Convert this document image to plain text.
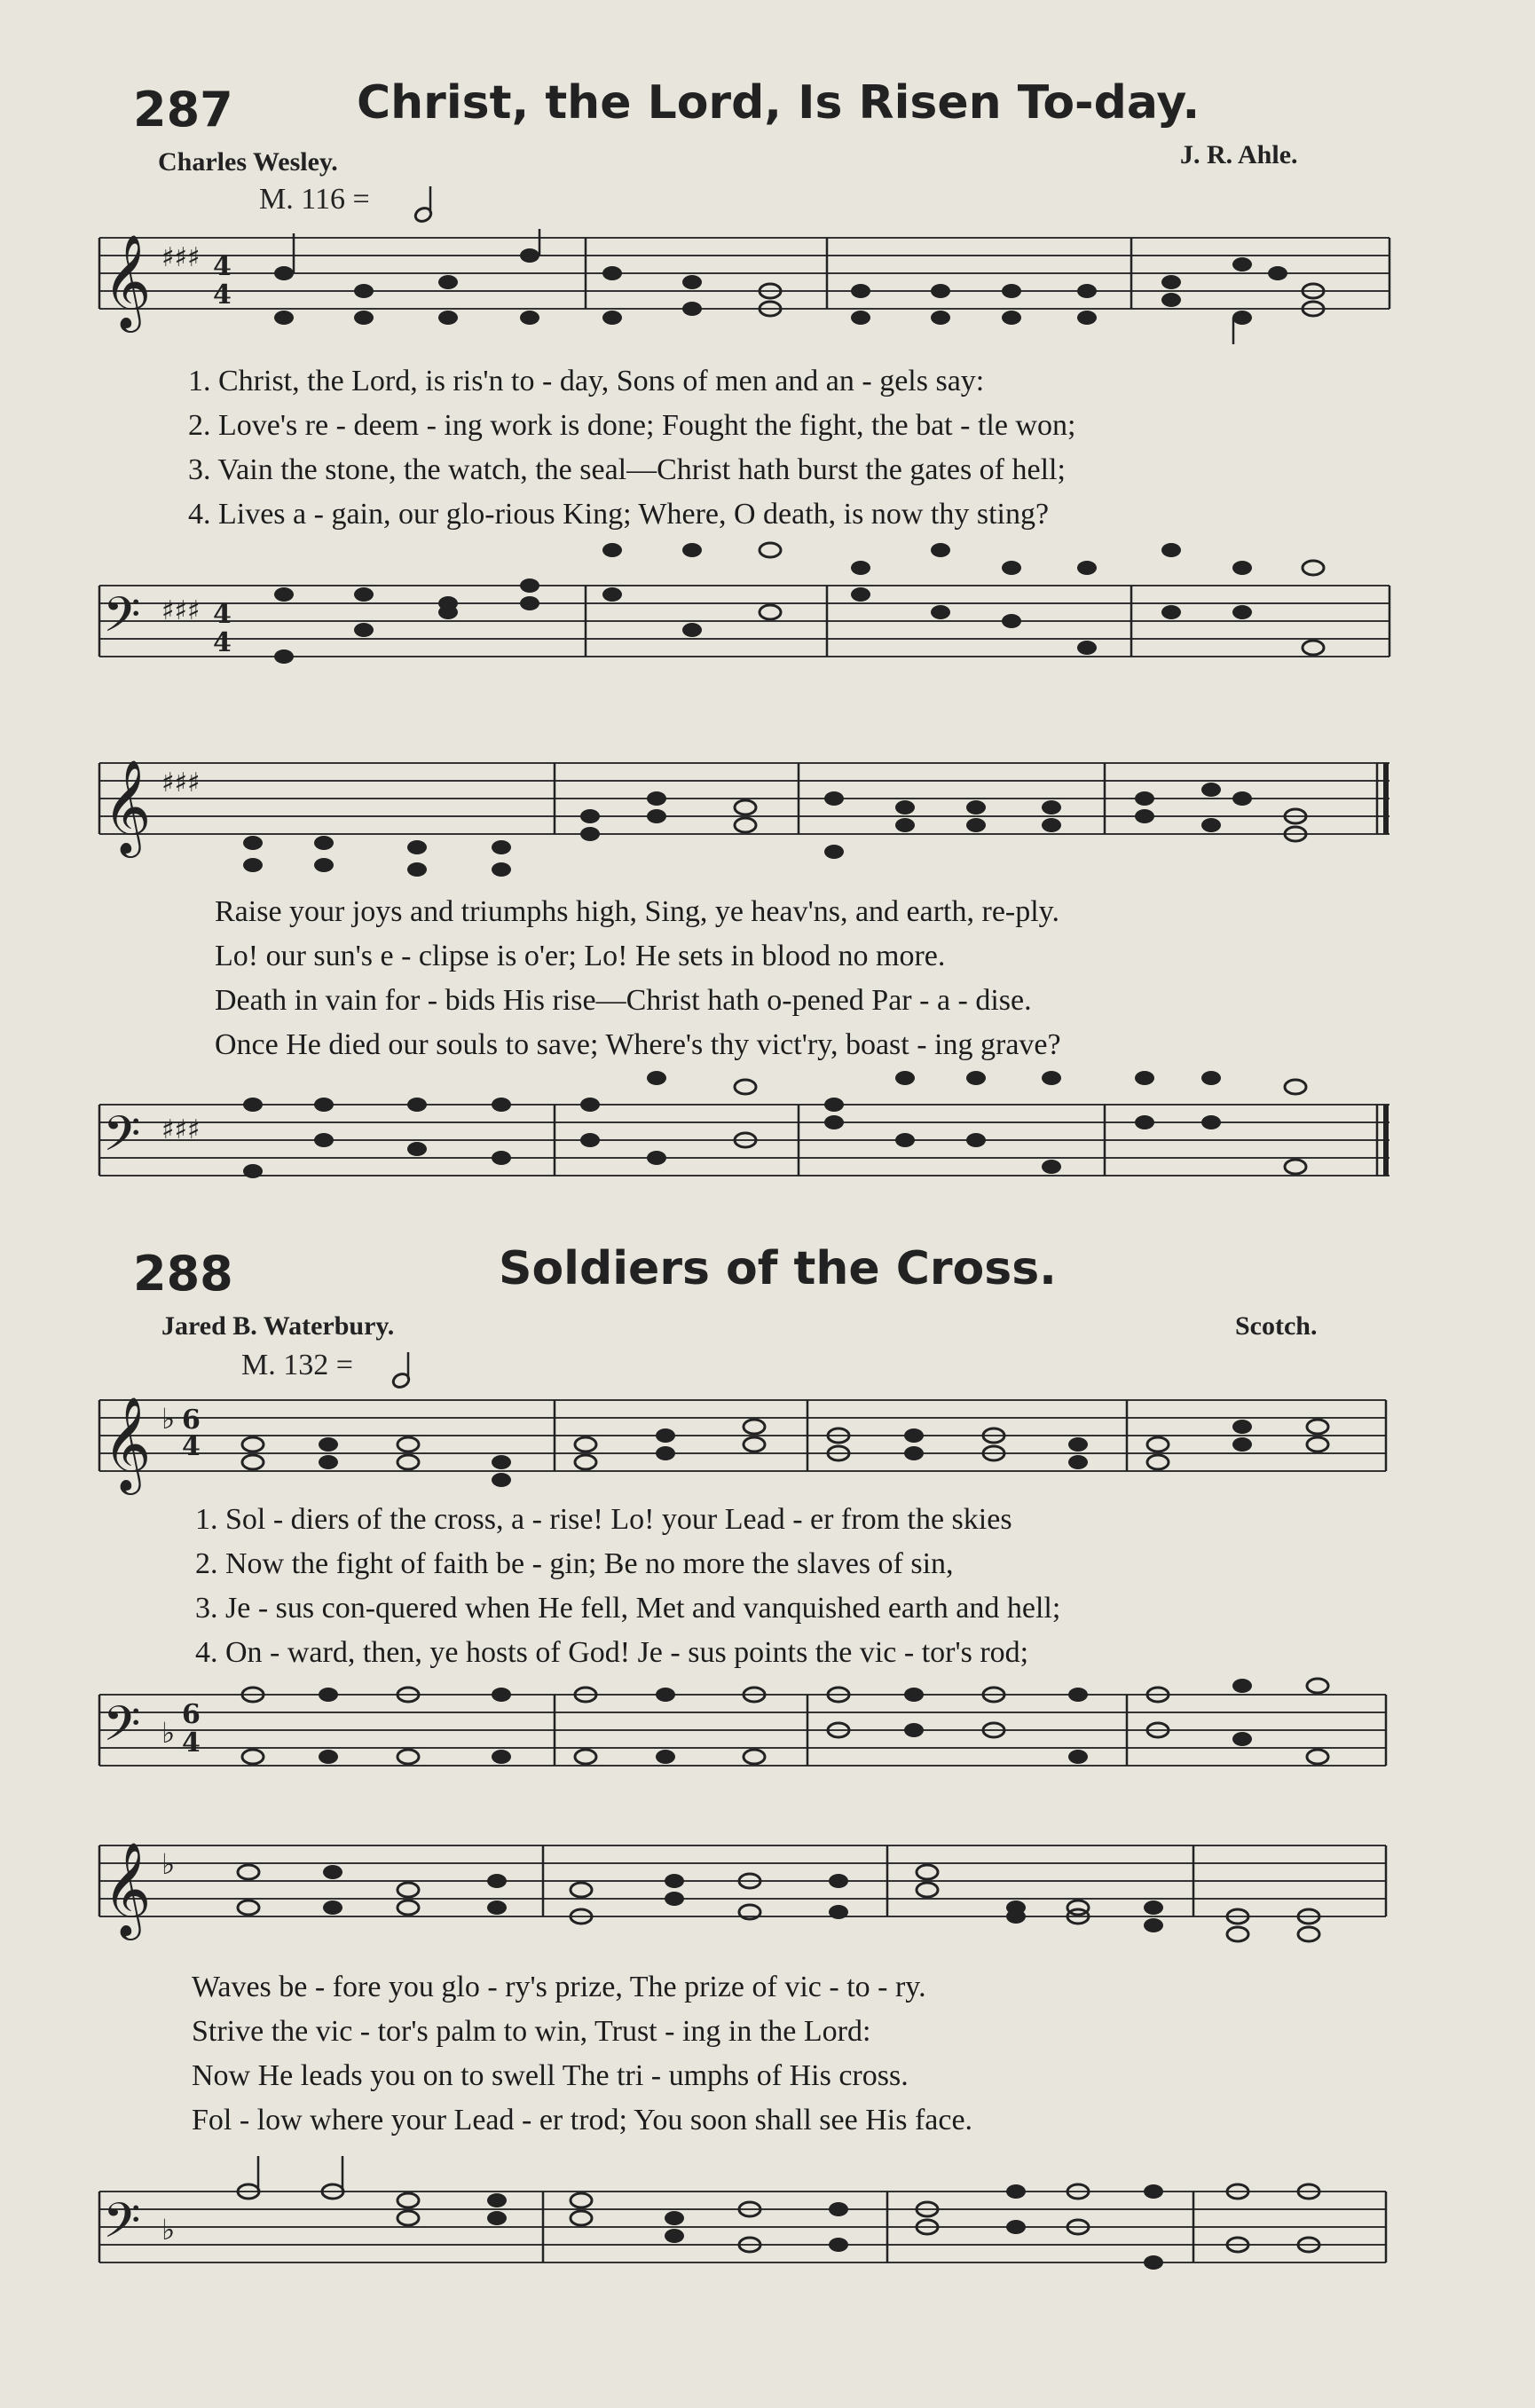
287	Christ, the Lord, Is Risen To-day.
Charles Wesley.	J. R. Ahle.
M. 116 =
𝄞 ♯♯♯ 4
4
1. Christ, the Lord, is ris'n to - day, Sons of men and an - gels say:
2. Love's re - deem - ing work is done; Fought the fight, the bat - tle won;
3. Vain the stone, the watch, the seal—Christ hath burst the gates of hell;
4. Lives a - gain, our glo-rious King; Where, O death, is now thy sting?
𝄢 ♯♯♯ 4
4
𝄞 ♯♯♯
Raise your joys and triumphs high, Sing, ye heav'ns, and earth, re-ply.
Lo! our sun's e - clipse is o'er; Lo! He sets in blood no more.
Death in vain for - bids His rise—Christ hath o-pened Par - a - dise.
Once He died our souls to save; Where's thy vict'ry, boast - ing grave?
𝄢 ♯♯♯
288	Soldiers of the Cross.
Jared B. Waterbury.	Scotch.
M. 132 =
𝄞 ♭ 6
4
1. Sol - diers of the cross, a - rise! Lo! your Lead - er from the skies
2. Now the fight of faith be - gin; Be no more the slaves of sin,
3. Je - sus con-quered when He fell, Met and vanquished earth and hell;
4. On - ward, then, ye hosts of God! Je - sus points the vic - tor's rod;
𝄢 ♭
6
4
𝄞 ♭
Waves be - fore you glo - ry's prize, The prize of vic - to - ry.
Strive the vic - tor's palm to win, Trust - ing in the Lord:
Now He leads you on to swell The tri - umphs of His cross.
Fol - low where your Lead - er trod; You soon shall see His face.
𝄢 ♭
